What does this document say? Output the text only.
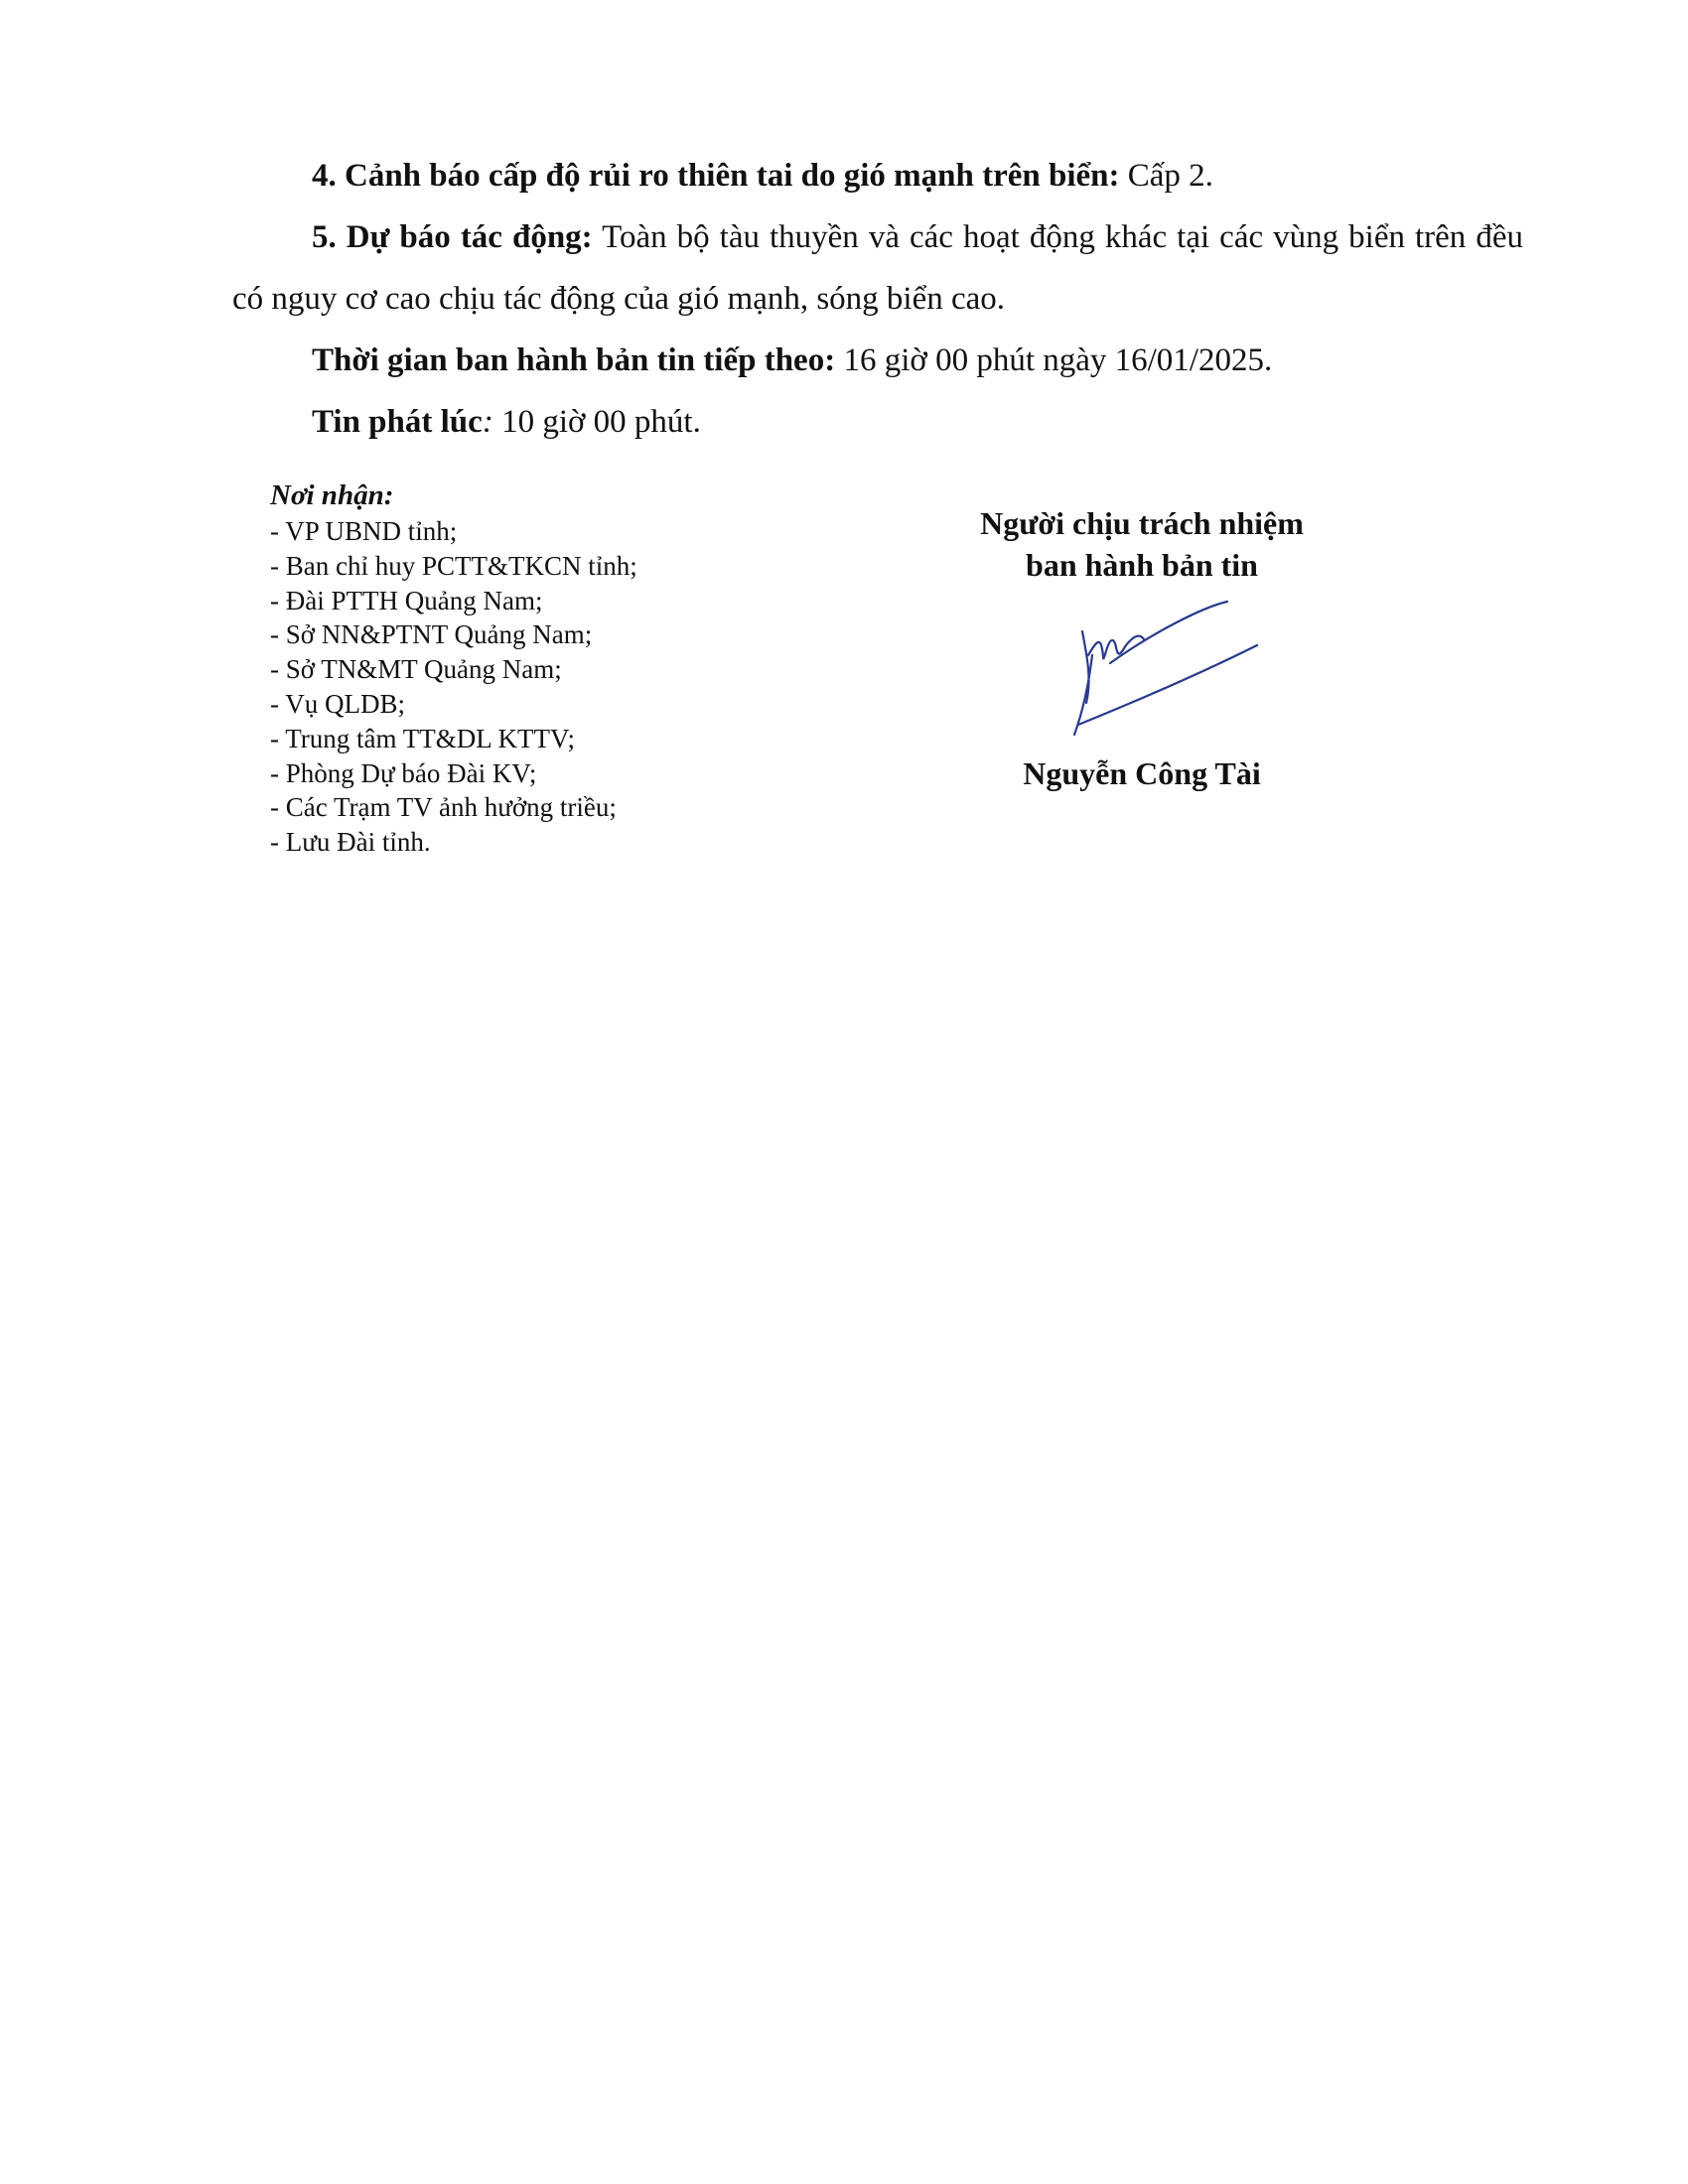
4. Cảnh báo cấp độ rủi ro thiên tai do gió mạnh trên biển: Cấp 2.

5. Dự báo tác động: Toàn bộ tàu thuyền và các hoạt động khác tại các vùng biển trên đều có nguy cơ cao chịu tác động của gió mạnh, sóng biển cao.

Thời gian ban hành bản tin tiếp theo: 16 giờ 00 phút ngày 16/01/2025.

Tin phát lúc: 10 giờ 00 phút.

Nơi nhận:
- VP UBND tỉnh;
- Ban chỉ huy PCTT&TKCN tỉnh;
- Đài PTTH Quảng Nam;
- Sở NN&PTNT Quảng Nam;
- Sở TN&MT Quảng Nam;
- Vụ QLDB;
- Trung tâm TT&DL KTTV;
- Phòng Dự báo Đài KV;
- Các Trạm TV ảnh hưởng triều;
- Lưu Đài tỉnh.
Người chịu trách nhiệm
ban hành bản tin
Nguyễn Công Tài
